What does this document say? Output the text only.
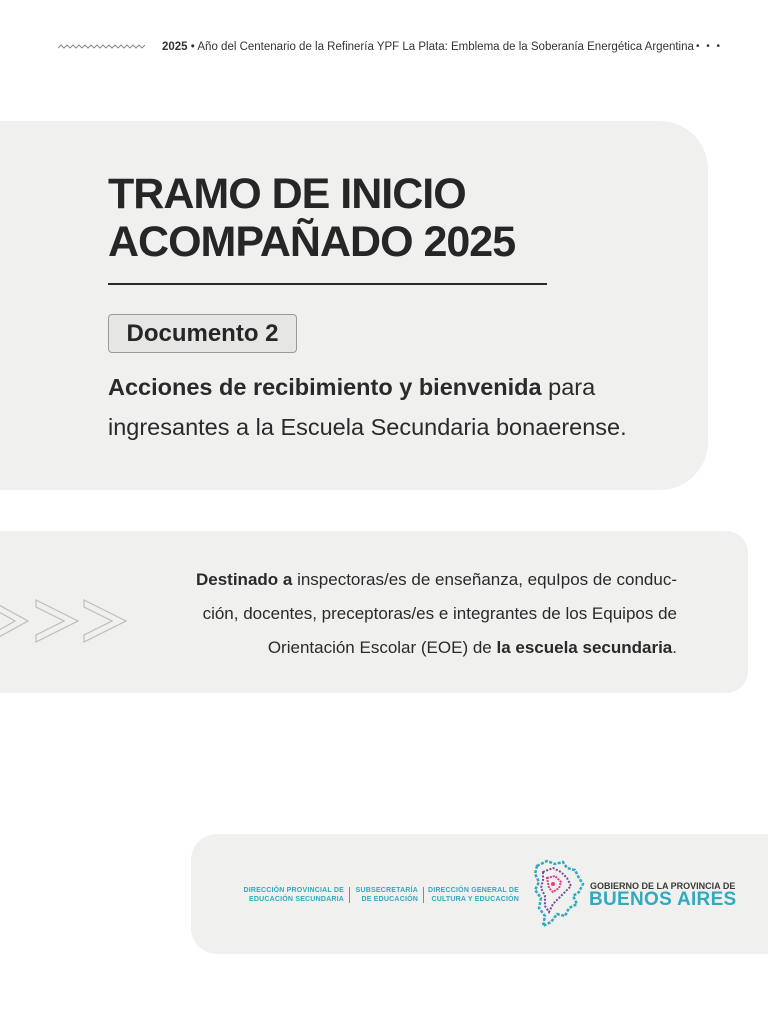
2025 • Año del Centenario de la Refinería YPF La Plata: Emblema de la Soberanía Energética Argentina • • •
TRAMO DE INICIO
ACOMPAÑADO 2025
Documento 2
Acciones de recibimiento y bienvenida para
ingresantes a la Escuela Secundaria bonaerense.
Destinado a inspectoras/es de enseñanza, equIpos de conduc-
ción, docentes, preceptoras/es e integrantes de los Equipos de
Orientación Escolar (EOE) de la escuela secundaria.
DIRECCIÓN PROVINCIAL DE
EDUCACIÓN SECUNDARIA
SUBSECRETARÍA
DE EDUCACIÓN
DIRECCIÓN GENERAL DE
CULTURA Y EDUCACIÓN
GOBIERNO DE LA PROVINCIA DE
BUENOS AIRES
